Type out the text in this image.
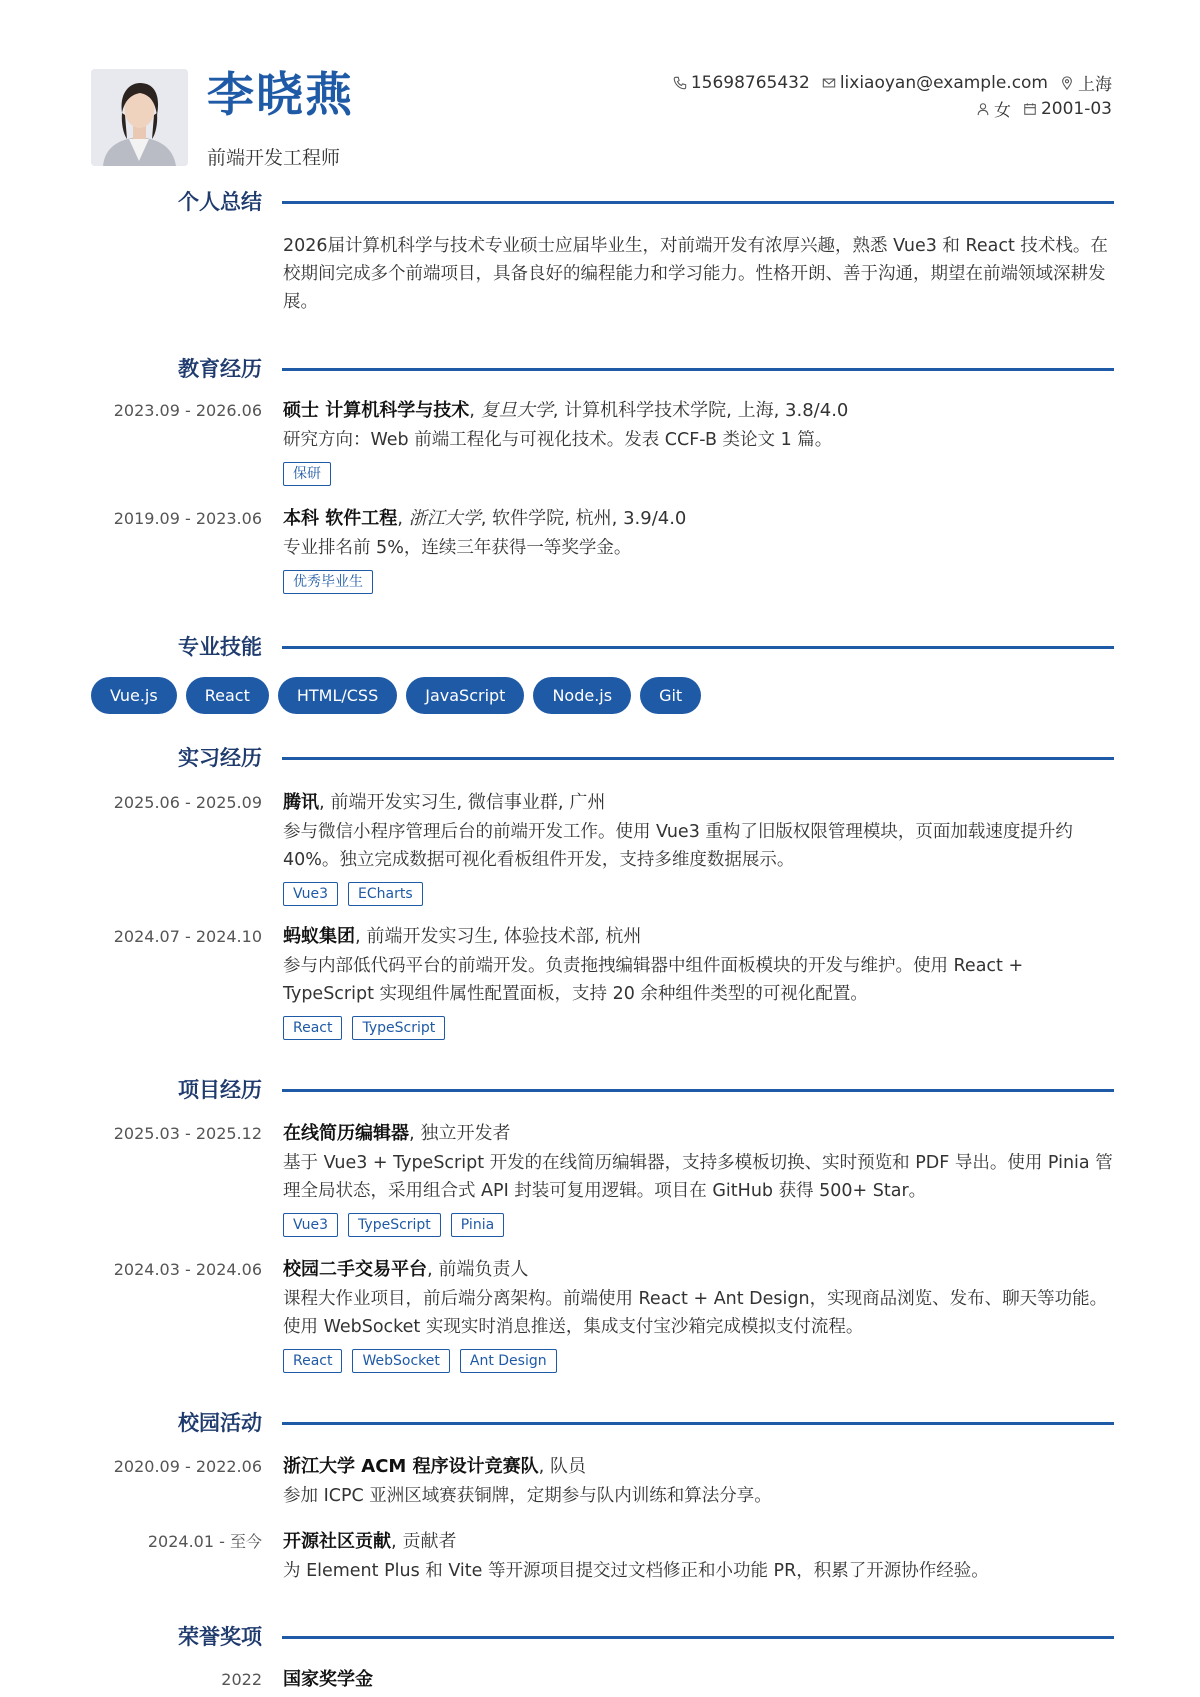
李晓燕
前端开发工程师
15698765432 lixiaoyan@example.com 上海
女 2001-03
个人总结
2026届计算机科学与技术专业硕士应届毕业生，对前端开发有浓厚兴趣，熟悉 Vue3 和 React 技术栈。在校期间完成多个前端项目，具备良好的编程能力和学习能力。性格开朗、善于沟通，期望在前端领域深耕发展。
教育经历
2023.09 - 2026.06 硕士 计算机科学与技术, 复旦大学, 计算机科学技术学院, 上海, 3.8/4.0
研究方向：Web 前端工程化与可视化技术。发表 CCF-B 类论文 1 篇。
保研
2019.09 - 2023.06 本科 软件工程, 浙江大学, 软件学院, 杭州, 3.9/4.0
专业排名前 5%，连续三年获得一等奖学金。
优秀毕业生
专业技能
Vue.js	React	HTML/CSS	JavaScript	Node.js	Git
实习经历
2025.06 - 2025.09 腾讯, 前端开发实习生, 微信事业群, 广州
参与微信小程序管理后台的前端开发工作。使用 Vue3 重构了旧版权限管理模块，页面加载速度提升约 40%。独立完成数据可视化看板组件开发，支持多维度数据展示。
Vue3	ECharts
2024.07 - 2024.10 蚂蚁集团, 前端开发实习生, 体验技术部, 杭州
参与内部低代码平台的前端开发。负责拖拽编辑器中组件面板模块的开发与维护。使用 React + TypeScript 实现组件属性配置面板，支持 20 余种组件类型的可视化配置。
React	TypeScript
项目经历
2025.03 - 2025.12 在线简历编辑器, 独立开发者
基于 Vue3 + TypeScript 开发的在线简历编辑器，支持多模板切换、实时预览和 PDF 导出。使用 Pinia 管理全局状态，采用组合式 API 封装可复用逻辑。项目在 GitHub 获得 500+ Star。
Vue3	TypeScript	Pinia
2024.03 - 2024.06 校园二手交易平台, 前端负责人
课程大作业项目，前后端分离架构。前端使用 React + Ant Design，实现商品浏览、发布、聊天等功能。使用 WebSocket 实现实时消息推送，集成支付宝沙箱完成模拟支付流程。
React	WebSocket	Ant Design
校园活动
2020.09 - 2022.06 浙江大学 ACM 程序设计竞赛队, 队员
参加 ICPC 亚洲区域赛获铜牌，定期参与队内训练和算法分享。
2024.01 - 至今 开源社区贡献, 贡献者
为 Element Plus 和 Vite 等开源项目提交过文档修正和小功能 PR，积累了开源协作经验。
荣誉奖项
2022 国家奖学金
